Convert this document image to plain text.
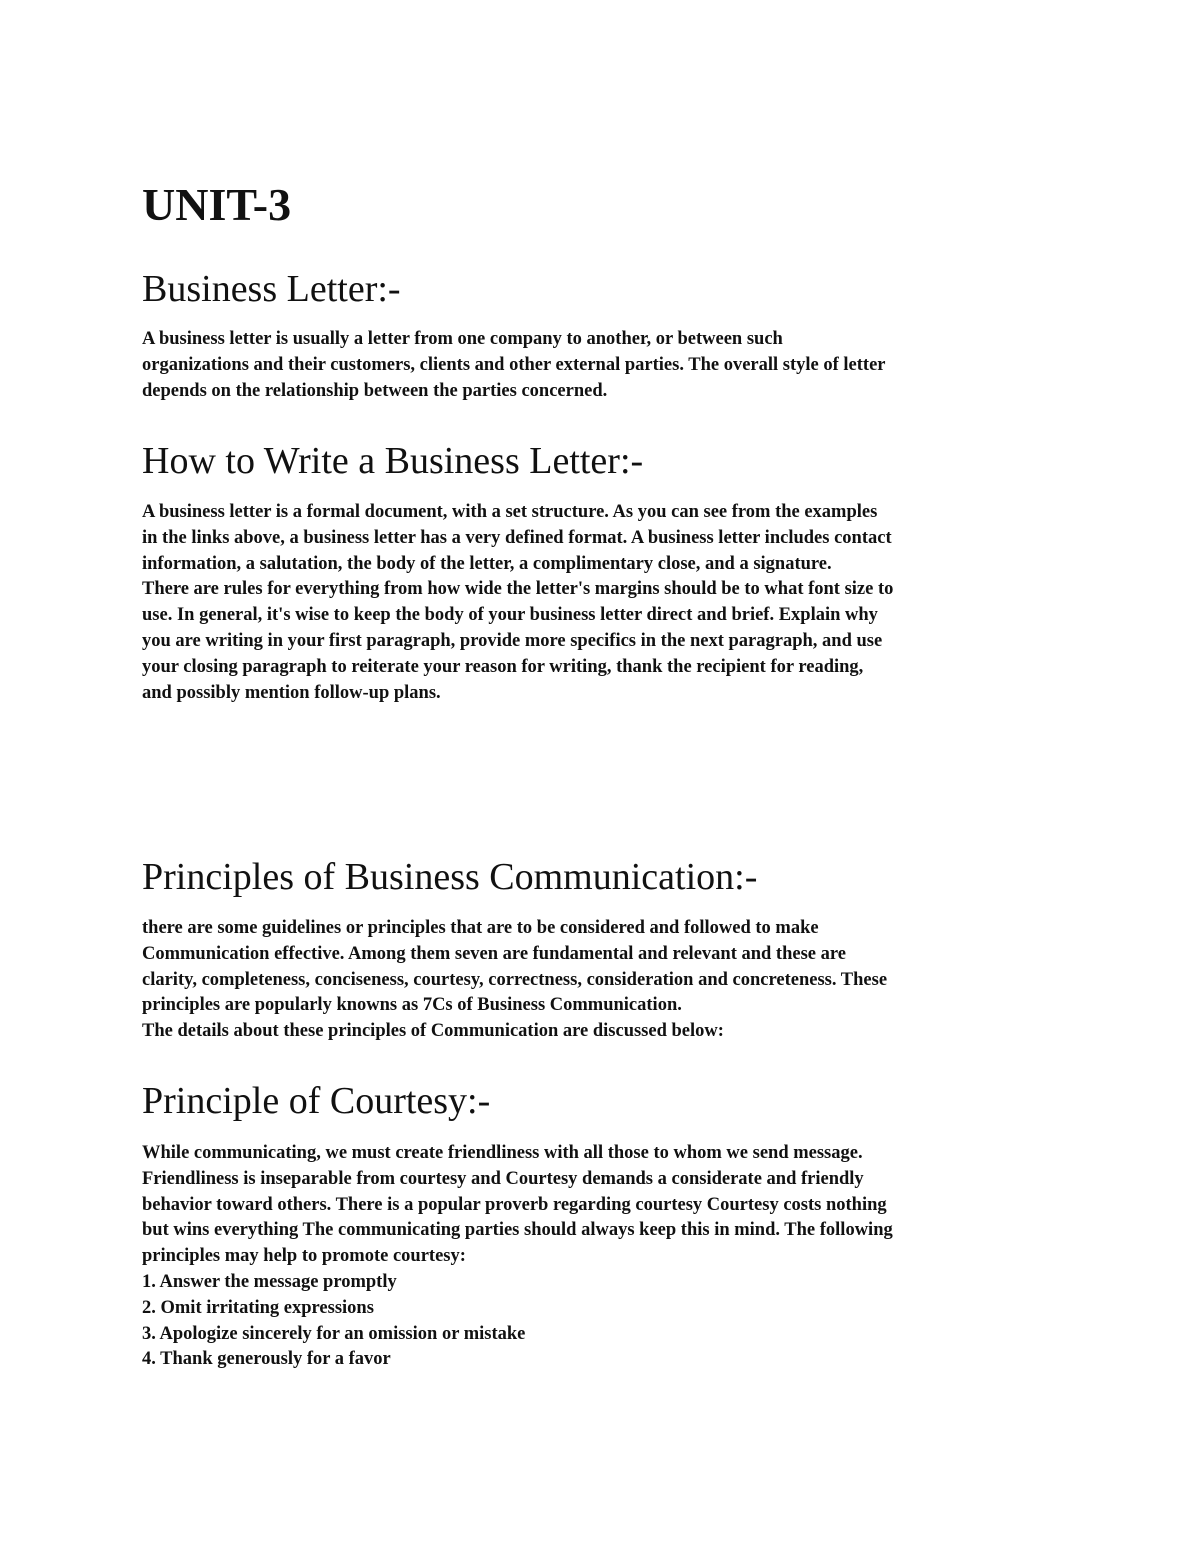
UNIT-3
Business Letter:-
A business letter is usually a letter from one company to another, or between such
organizations and their customers, clients and other external parties. The overall style of letter
depends on the relationship between the parties concerned.
How to Write a Business Letter:-
A business letter is a formal document, with a set structure. As you can see from the examples
in the links above, a business letter has a very defined format. A business letter includes contact
information, a salutation, the body of the letter, a complimentary close, and a signature.
There are rules for everything from how wide the letter's margins should be to what font size to
use. In general, it's wise to keep the body of your business letter direct and brief. Explain why
you are writing in your first paragraph, provide more specifics in the next paragraph, and use
your closing paragraph to reiterate your reason for writing, thank the recipient for reading,
and possibly mention follow-up plans.
Principles of Business Communication:-
there are some guidelines or principles that are to be considered and followed to make
Communication effective. Among them seven are fundamental and relevant and these are
clarity, completeness, conciseness, courtesy, correctness, consideration and concreteness. These
principles are popularly knowns as 7Cs of Business Communication.
The details about these principles of Communication are discussed below:
Principle of Courtesy:-
While communicating, we must create friendliness with all those to whom we send message.
Friendliness is inseparable from courtesy and Courtesy demands a considerate and friendly
behavior toward others. There is a popular proverb regarding courtesy Courtesy costs nothing
but wins everything The communicating parties should always keep this in mind. The following
principles may help to promote courtesy:
1. Answer the message promptly
2. Omit irritating expressions
3. Apologize sincerely for an omission or mistake
4. Thank generously for a favor
